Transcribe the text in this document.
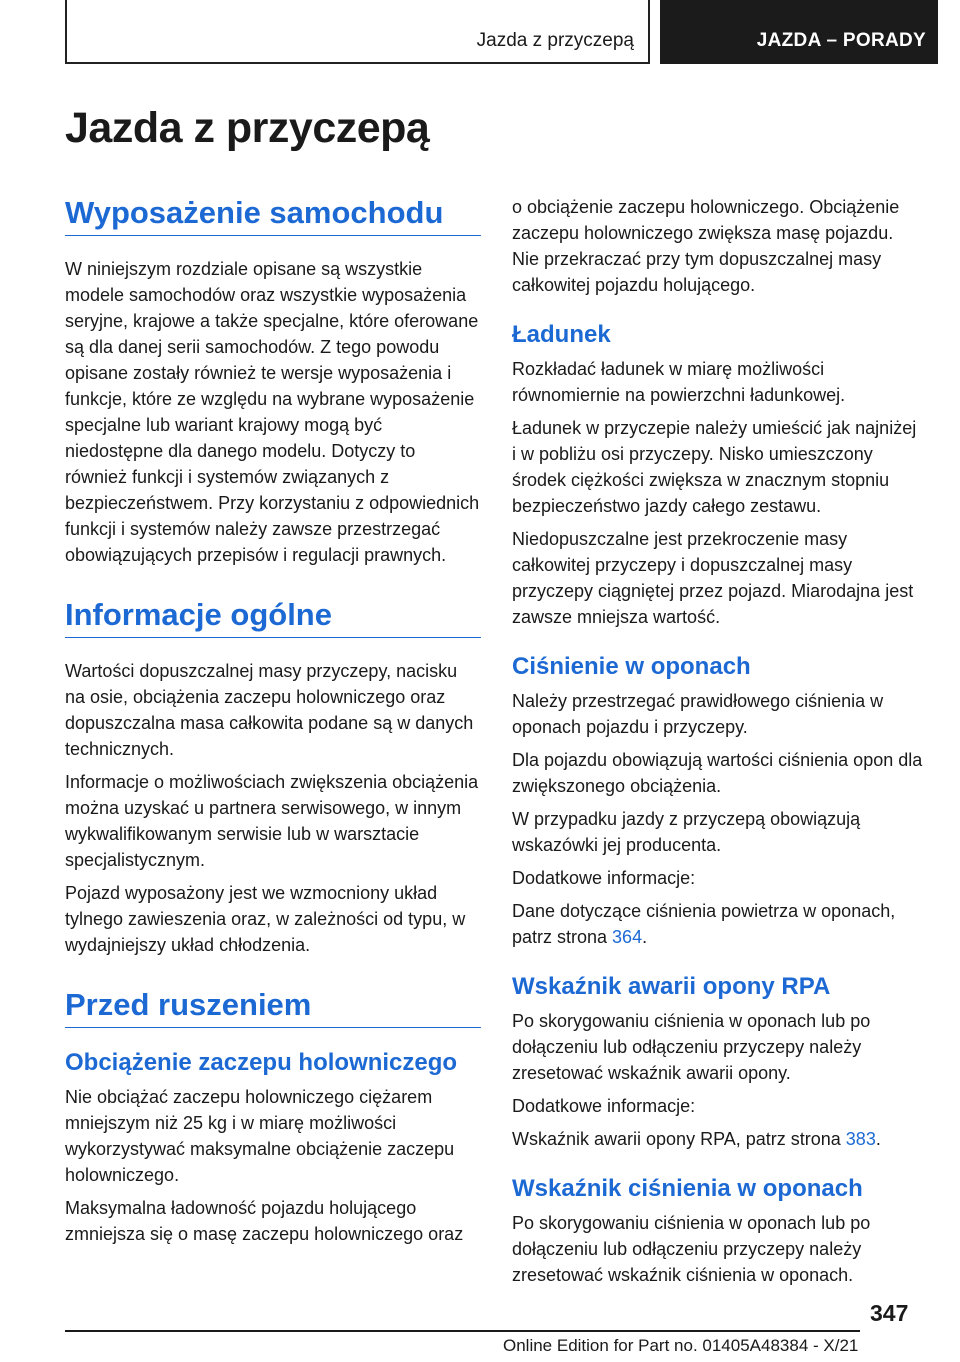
Jazda z przyczepą	JAZDA – PORADY
Jazda z przyczepą
Wyposażenie samochodu

W niniejszym rozdziale opisane są wszystkie modele samochodów oraz wszystkie wyposażenia seryjne, krajowe a także specjalne, które oferowane są dla danej serii samochodów. Z tego powodu opisane zostały również te wersje wyposażenia i funkcje, które ze względu na wybrane wyposażenie specjalne lub wariant krajowy mogą być niedostępne dla danego modelu. Dotyczy to również funkcji i systemów związanych z bezpieczeństwem. Przy korzystaniu z odpowiednich funkcji i systemów należy zawsze przestrzegać obowiązujących przepisów i regulacji prawnych.

Informacje ogólne

Wartości dopuszczalnej masy przyczepy, nacisku na osie, obciążenia zaczepu holowniczego oraz dopuszczalna masa całkowita podane są w danych technicznych.

Informacje o możliwościach zwiększenia obciążenia można uzyskać u partnera serwisowego, w innym wykwalifikowanym serwisie lub w warsztacie specjalistycznym.

Pojazd wyposażony jest we wzmocniony układ tylnego zawieszenia oraz, w zależności od typu, w wydajniejszy układ chłodzenia.

Przed ruszeniem
Obciążenie zaczepu holowniczego

Nie obciążać zaczepu holowniczego ciężarem mniejszym niż 25 kg i w miarę możliwości wykorzystywać maksymalne obciążenie zaczepu holowniczego.

Maksymalna ładowność pojazdu holującego zmniejsza się o masę zaczepu holowniczego oraz

o obciążenie zaczepu holowniczego. Obciążenie zaczepu holowniczego zwiększa masę pojazdu. Nie przekraczać przy tym dopuszczalnej masy całkowitej pojazdu holującego.

Ładunek

Rozkładać ładunek w miarę możliwości równomiernie na powierzchni ładunkowej.

Ładunek w przyczepie należy umieścić jak najniżej i w pobliżu osi przyczepy. Nisko umieszczony środek ciężkości zwiększa w znacznym stopniu bezpieczeństwo jazdy całego zestawu.

Niedopuszczalne jest przekroczenie masy całkowitej przyczepy i dopuszczalnej masy przyczepy ciągniętej przez pojazd. Miarodajna jest zawsze mniejsza wartość.

Ciśnienie w oponach

Należy przestrzegać prawidłowego ciśnienia w oponach pojazdu i przyczepy.

Dla pojazdu obowiązują wartości ciśnienia opon dla zwiększonego obciążenia.

W przypadku jazdy z przyczepą obowiązują wskazówki jej producenta.

Dodatkowe informacje:

Dane dotyczące ciśnienia powietrza w oponach, patrz strona 364.

Wskaźnik awarii opony RPA

Po skorygowaniu ciśnienia w oponach lub po dołączeniu lub odłączeniu przyczepy należy zresetować wskaźnik awarii opony.

Dodatkowe informacje:

Wskaźnik awarii opony RPA, patrz strona 383.

Wskaźnik ciśnienia w oponach

Po skorygowaniu ciśnienia w oponach lub po dołączeniu lub odłączeniu przyczepy należy zresetować wskaźnik ciśnienia w oponach.

347
Online Edition for Part no. 01405A48384 - X/21
